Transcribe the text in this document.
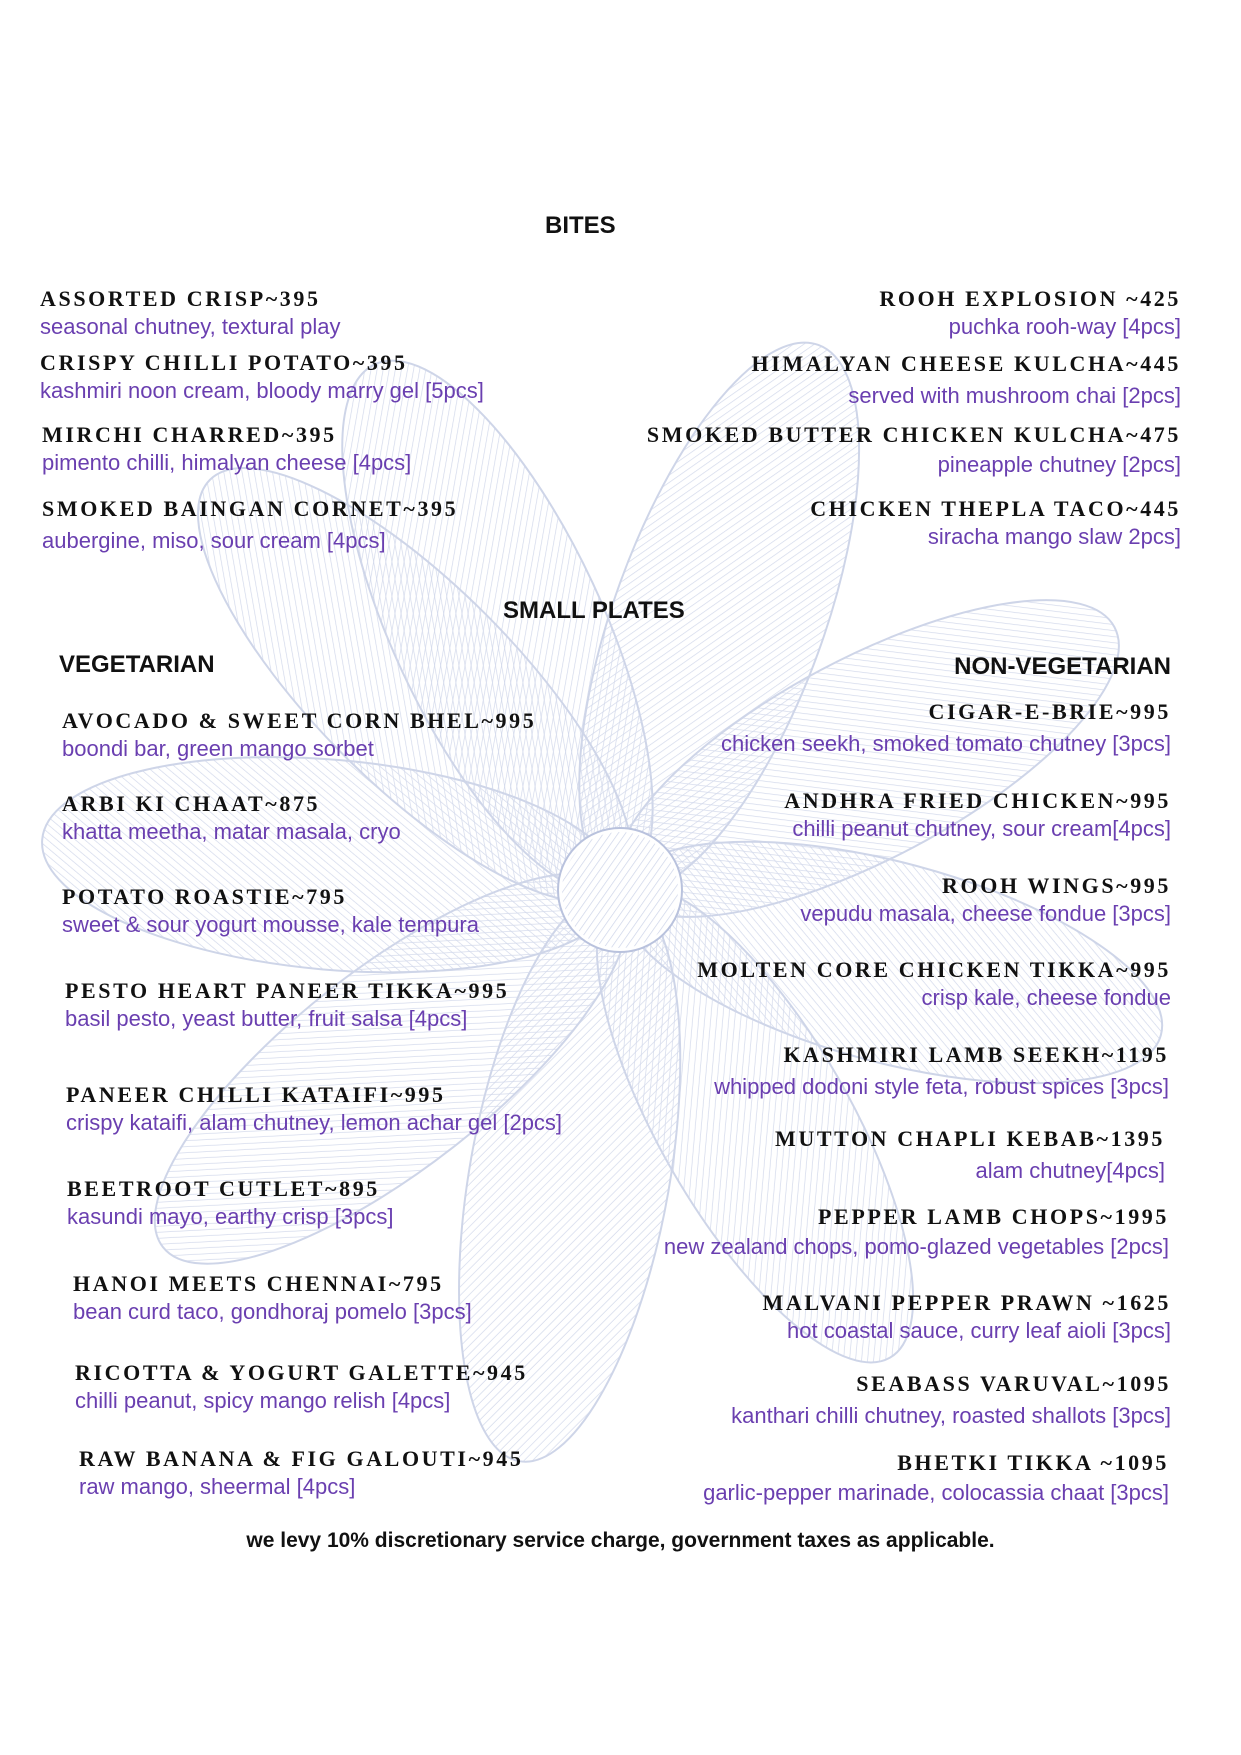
BITES
SMALL PLATES
VEGETARIAN	NON-VEGETARIAN
ASSORTED CRISP~395
seasonal chutney, textural play
CRISPY CHILLI POTATO~395
kashmiri noon cream, bloody marry gel [5pcs]
MIRCHI CHARRED~395
pimento chilli, himalyan cheese [4pcs]
SMOKED BAINGAN CORNET~395
aubergine, miso, sour cream [4pcs]
ROOH EXPLOSION ~425
puchka rooh-way [4pcs]
HIMALYAN CHEESE KULCHA~445
served with mushroom chai [2pcs]
SMOKED BUTTER CHICKEN KULCHA~475
pineapple chutney [2pcs]
CHICKEN THEPLA TACO~445
siracha mango slaw 2pcs]
AVOCADO & SWEET CORN BHEL~995
boondi bar, green mango sorbet
ARBI KI CHAAT~875
khatta meetha, matar masala, cryo
POTATO ROASTIE~795
sweet & sour yogurt mousse, kale tempura
PESTO HEART PANEER TIKKA~995
basil pesto, yeast butter, fruit salsa [4pcs]
PANEER CHILLI KATAIFI~995
crispy kataifi, alam chutney, lemon achar gel [2pcs]
BEETROOT CUTLET~895
kasundi mayo, earthy crisp [3pcs]
HANOI MEETS CHENNAI~795
bean curd taco, gondhoraj pomelo [3pcs]
RICOTTA & YOGURT GALETTE~945
chilli peanut, spicy mango relish [4pcs]
RAW BANANA & FIG GALOUTI~945
raw mango, sheermal [4pcs]
CIGAR-E-BRIE~995
chicken seekh, smoked tomato chutney [3pcs]
ANDHRA FRIED CHICKEN~995
chilli peanut chutney, sour cream[4pcs]
ROOH WINGS~995
vepudu masala, cheese fondue [3pcs]
MOLTEN CORE CHICKEN TIKKA~995
crisp kale, cheese fondue
KASHMIRI LAMB SEEKH~1195
whipped dodoni style feta, robust spices [3pcs]
MUTTON CHAPLI KEBAB~1395
alam chutney[4pcs]
PEPPER LAMB CHOPS~1995
new zealand chops, pomo-glazed vegetables [2pcs]
MALVANI PEPPER PRAWN ~1625
hot coastal sauce, curry leaf aioli [3pcs]
SEABASS VARUVAL~1095
kanthari chilli chutney, roasted shallots [3pcs]
BHETKI TIKKA ~1095
garlic-pepper marinade, colocassia chaat [3pcs]
we levy 10% discretionary service charge, government taxes as applicable.
